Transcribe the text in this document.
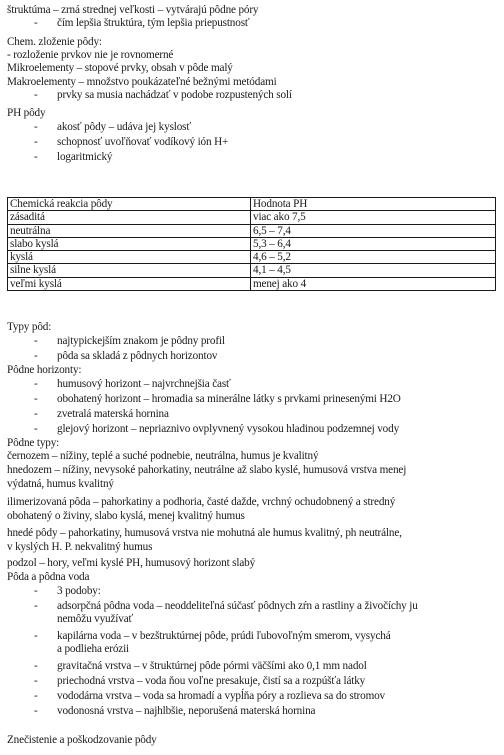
štruktúma – zrná strednej veľkosti – vytvárajú pôdne póry
- čím lepšia štruktúra, tým lepšia priepustnosť
Chem. zloženie pôdy:
- rozloženie prvkov nie je rovnomerné
Mikroelementy – stopové prvky, obsah v pôde malý
Makroelementy – množstvo poukázateľné bežnými metódami
- prvky sa musia nachádzať v podobe rozpustených solí
PH pôdy
- akosť pôdy – udáva jej kyslosť
- schopnosť uvoľňovať vodíkový ión H+
- logaritmický
Chemická reakcia pôdy	Hodnota PH
zásaditá	viac ako 7,5
neutrálna	6,5 – 7,4
slabo kyslá	5,3 – 6,4
kyslá	4,6 – 5,2
silne kyslá	4,1 – 4,5
veľmi kyslá	menej ako 4
Typy pôd:
- najtypickejším znakom je pôdny profil
- pôda sa skladá z pôdnych horizontov
Pôdne horizonty:
- humusový horizont – najvrchnejšia časť
- obohatený horizont – hromadia sa minerálne látky s prvkami prinesenými H2O
- zvetralá materská hornina
- glejový horizont – nepriaznivo ovplyvnený vysokou hladinou podzemnej vody
Pôdne typy:
černozem – nížiny, teplé a suché podnebie, neutrálna, humus je kvalitný
hnedozem – nížiny, nevysoké pahorkatiny, neutrálne až slabo kyslé, humusová vrstva menej
výdatná, humus kvalitný
ilimerizovaná pôda – pahorkatiny a podhoria, časté dažde, vrchný ochudobnený a stredný
obohatený o živiny, slabo kyslá, menej kvalitný humus
hnedé pôdy – pahorkatiny, humusová vrstva nie mohutná ale humus kvalitný, ph neutrálne,
v kyslých H. P. nekvalitný humus
podzol – hory, veľmi kyslé PH, humusový horizont slabý
Pôda a pôdna voda
- 3 podoby:
- adsorpčná pôdna voda – neoddeliteľná súčasť pôdnych zŕn a rastliny a živočíchy ju
nemôžu využívať
- kapilárna voda – v bezštruktúrnej pôde, prúdi ľubovoľným smerom, vysychá
a podlieha erózii
- gravitačná vrstva – v štruktúrnej pôde pórmi väčšími ako 0,1 mm nadol
- priechodná vrstva – voda ňou voľne presakuje, čistí sa a rozpúšťa látky
- vododárna vrstva – voda sa hromadí a vypĺňa póry a rozlieva sa do stromov
- vodonosná vrstva – najhlbšie, neporušená materská hornina
Znečistenie a poškodzovanie pôdy
